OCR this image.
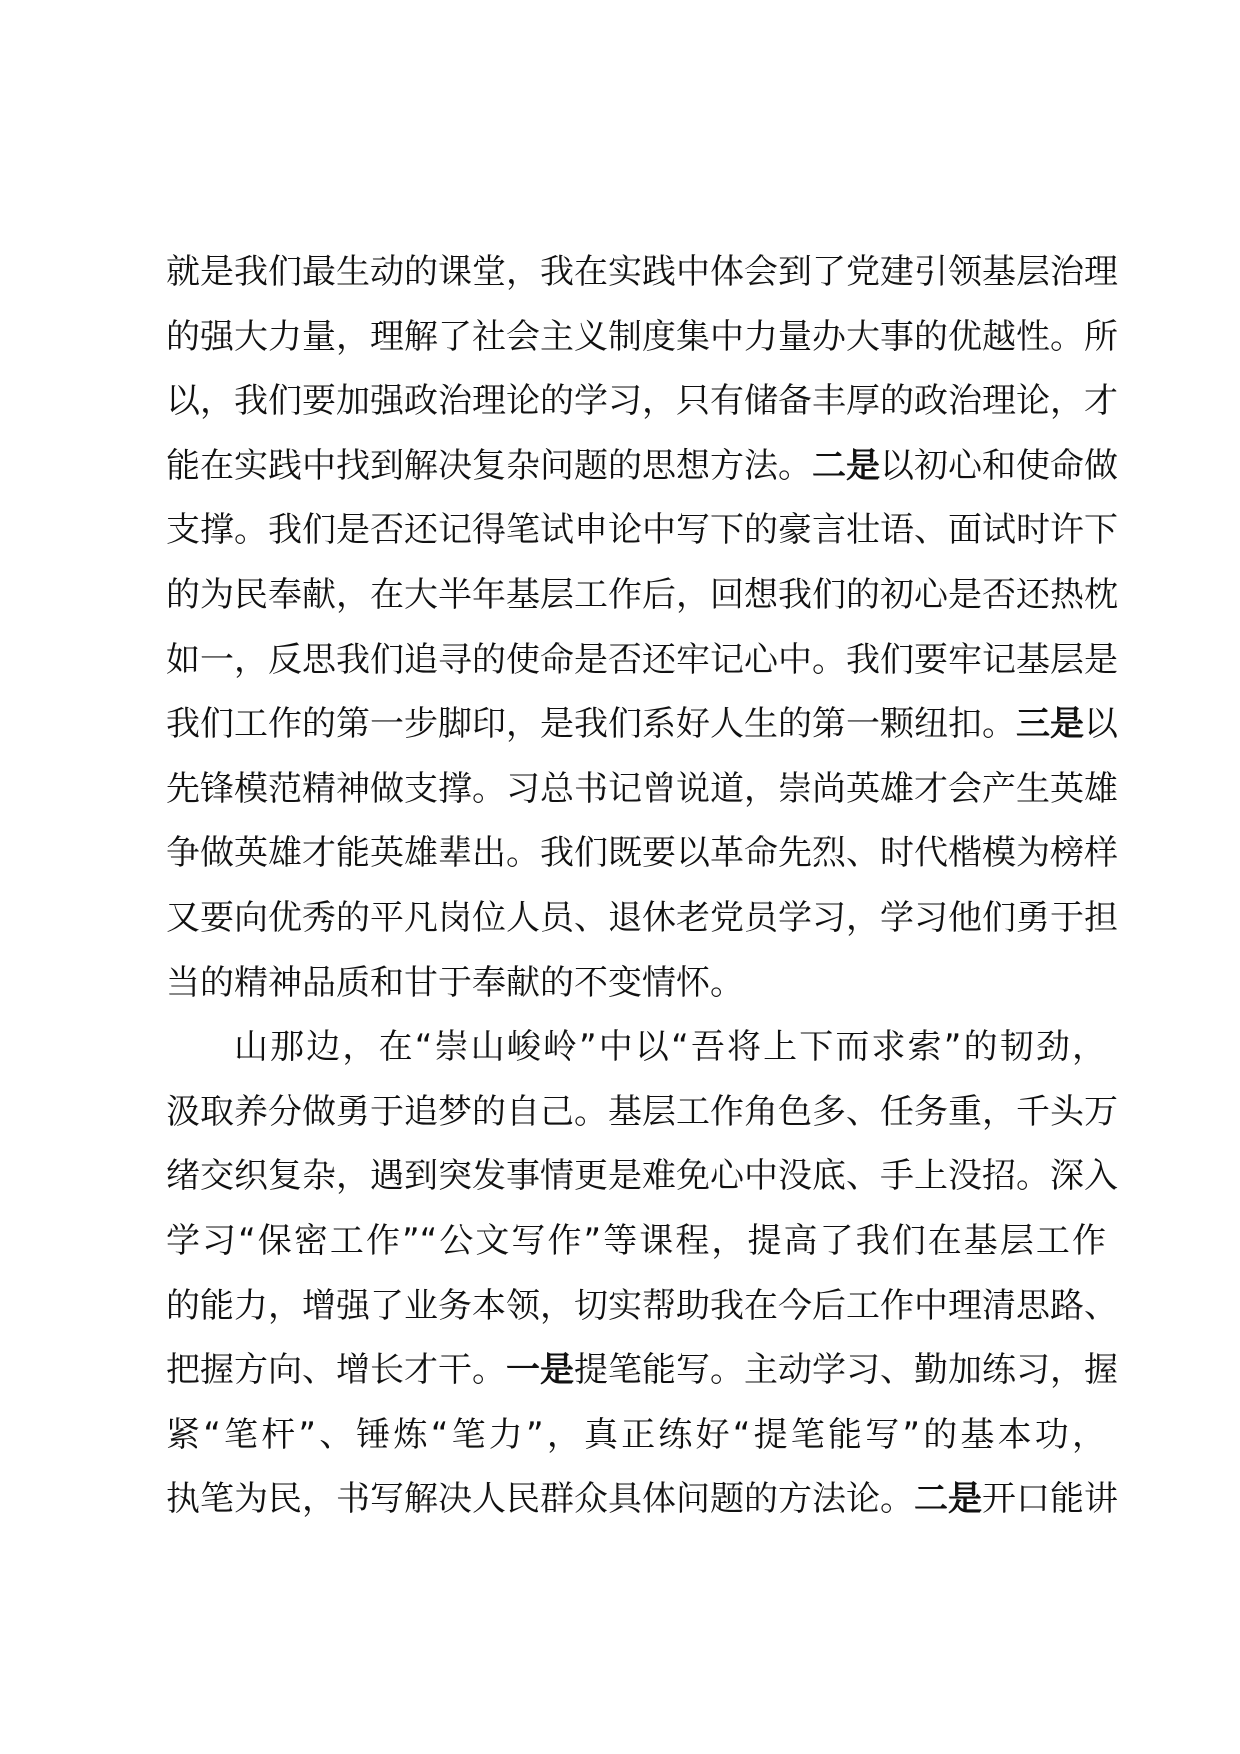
就是我们最生动的课堂，我在实践中体会到了党建引领基层治理
的强大力量，理解了社会主义制度集中力量办大事的优越性。所
以，我们要加强政治理论的学习，只有储备丰厚的政治理论，才
能在实践中找到解决复杂问题的思想方法。二是以初心和使命做
支撑。我们是否还记得笔试申论中写下的豪言壮语、面试时许下
的为民奉献，在大半年基层工作后，回想我们的初心是否还热枕
如一，反思我们追寻的使命是否还牢记心中。我们要牢记基层是
我们工作的第一步脚印，是我们系好人生的第一颗纽扣。三是以
先锋模范精神做支撑。习总书记曾说道，崇尚英雄才会产生英雄
争做英雄才能英雄辈出。我们既要以革命先烈、时代楷模为榜样
又要向优秀的平凡岗位人员、退休老党员学习，学习他们勇于担
当的精神品质和甘于奉献的不变情怀。
山那边，在“崇山峻岭”中以“吾将上下而求索”的韧劲，
汲取养分做勇于追梦的自己。基层工作角色多、任务重，千头万
绪交织复杂，遇到突发事情更是难免心中没底、手上没招。深入
学习“保密工作”“公文写作”等课程，提高了我们在基层工作
的能力，增强了业务本领，切实帮助我在今后工作中理清思路、
把握方向、增长才干。一是提笔能写。主动学习、勤加练习，握
紧“笔杆”、锤炼“笔力”，真正练好“提笔能写”的基本功，
执笔为民，书写解决人民群众具体问题的方法论。二是开口能讲
